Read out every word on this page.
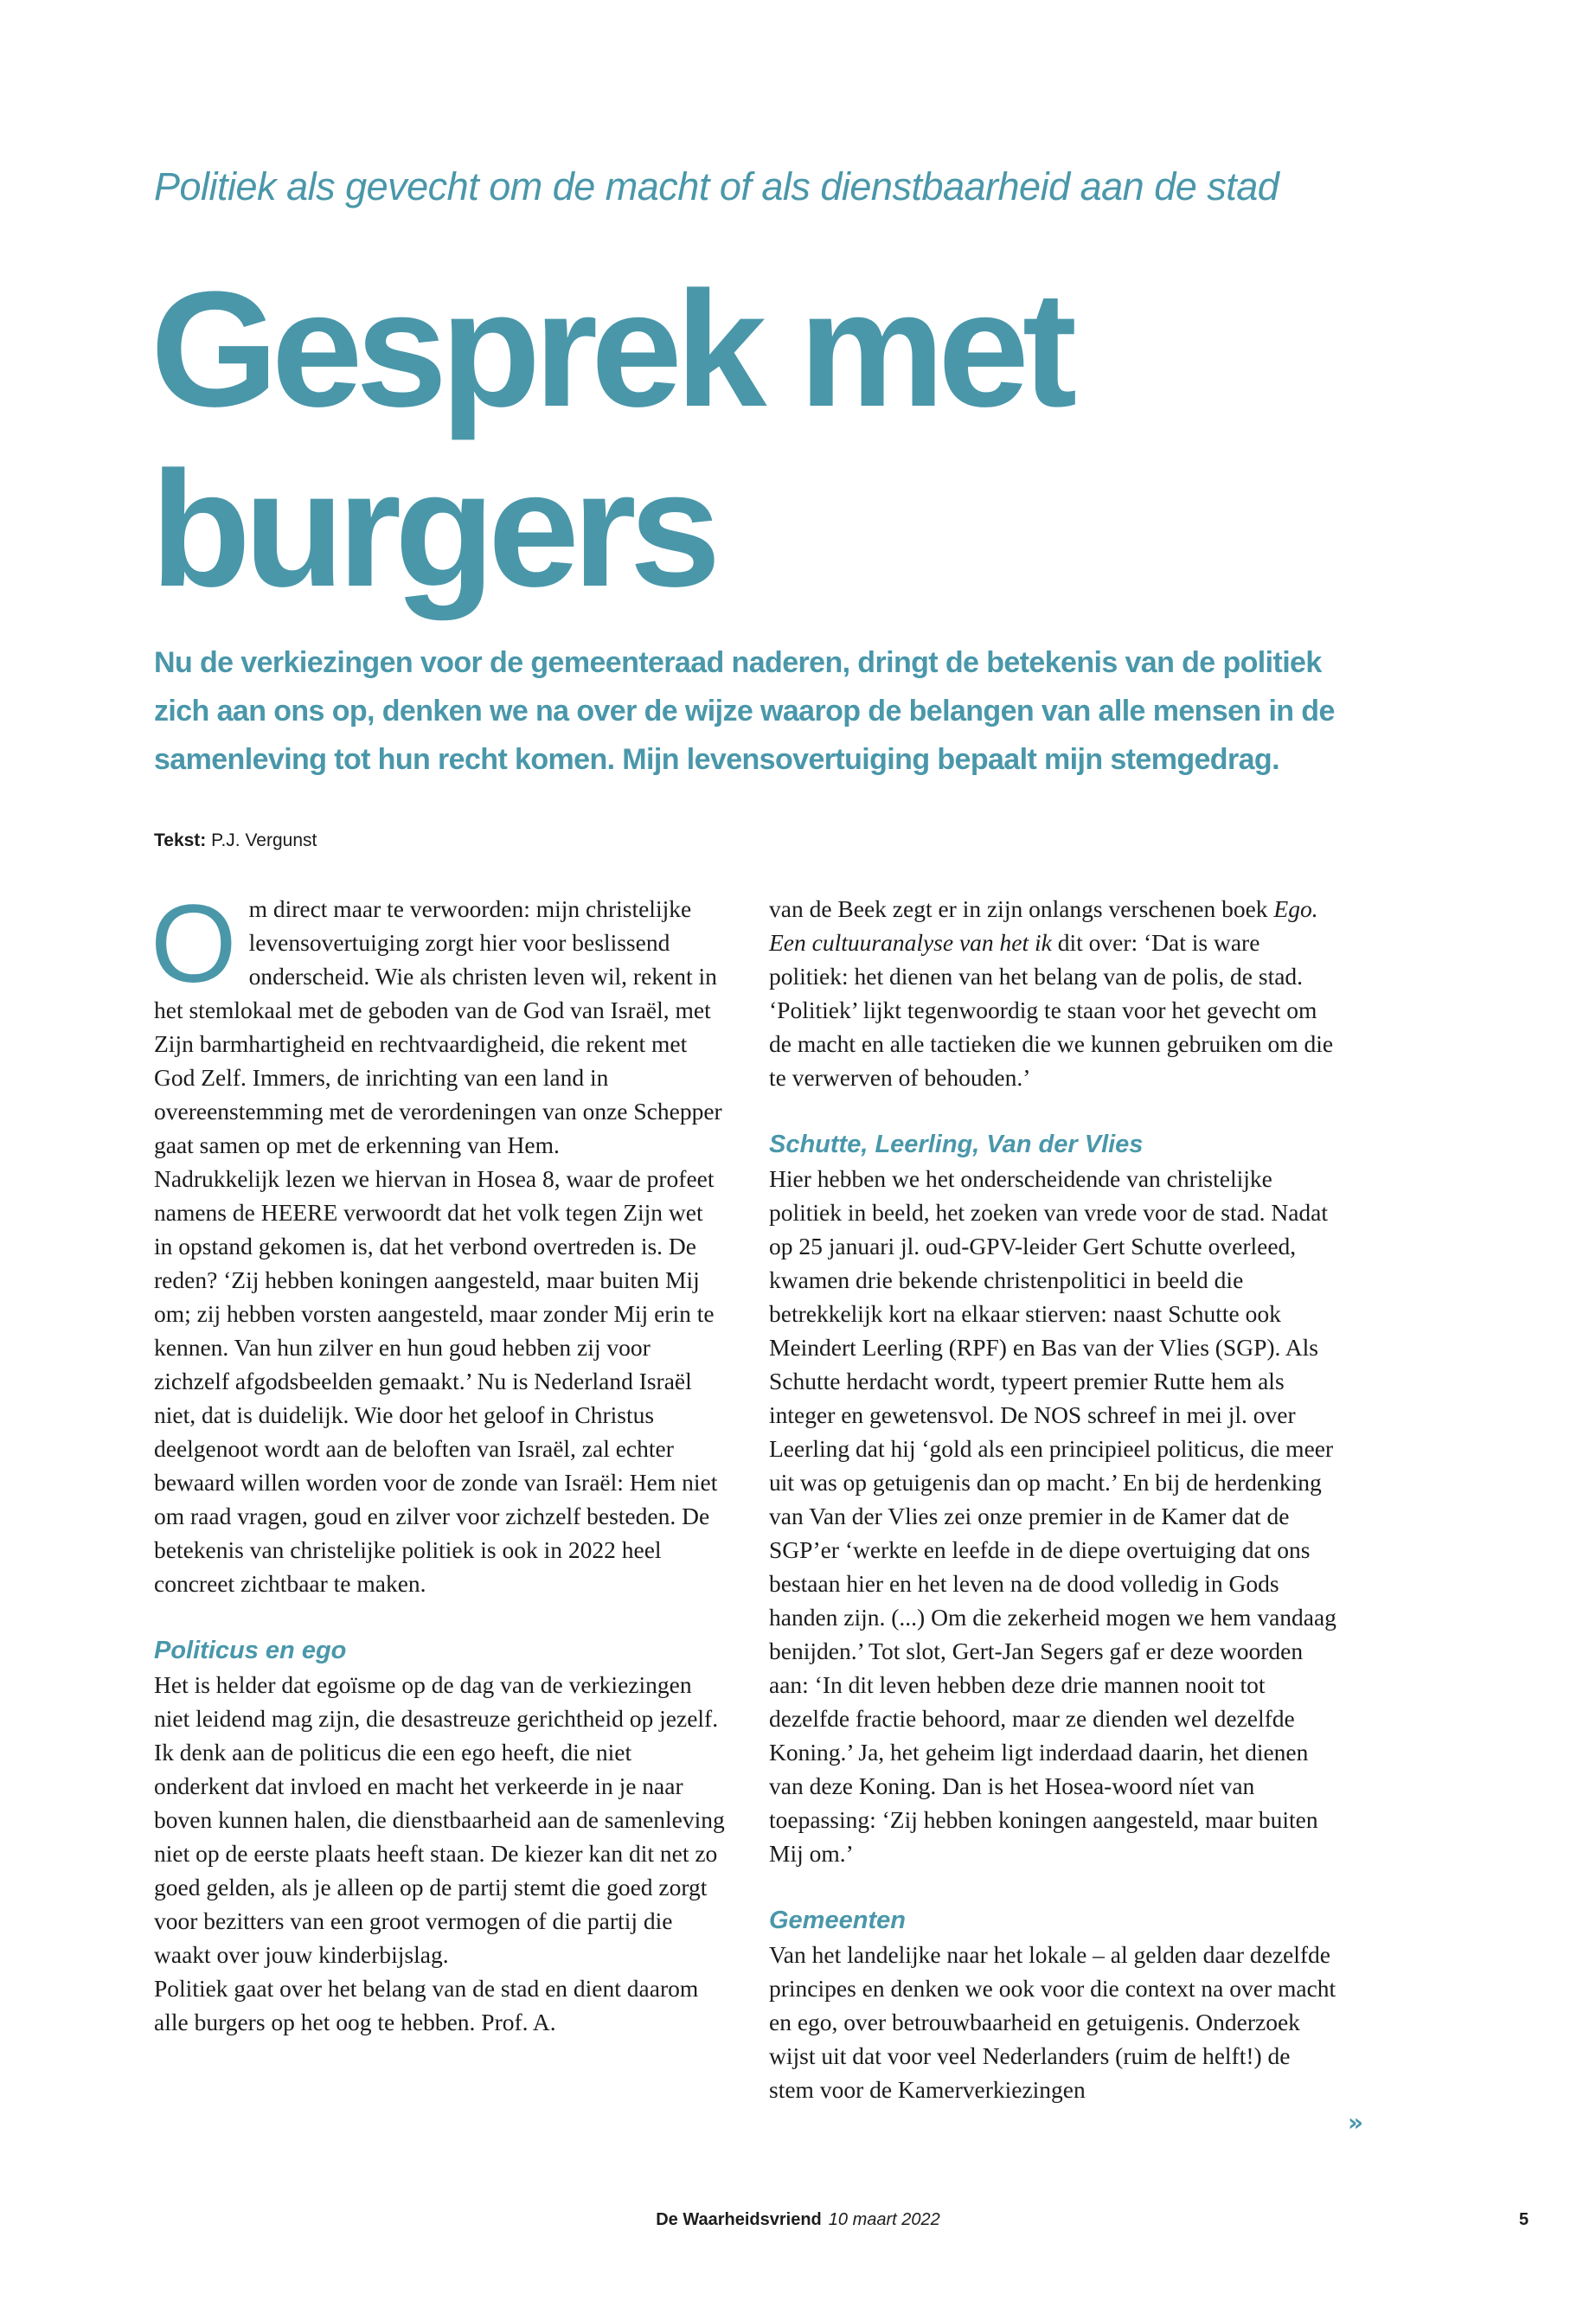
Politiek als gevecht om de macht of als dienstbaarheid aan de stad
Gesprek met
burgers
Nu de verkiezingen voor de gemeenteraad naderen, dringt de betekenis van de politiek zich aan ons op, denken we na over de wijze waarop de belangen van alle mensen in de samenleving tot hun recht komen. Mijn levensovertuiging bepaalt mijn stemgedrag.
Tekst: P.J. Vergunst

Om direct maar te verwoorden: mijn christelijke levensovertuiging zorgt hier voor beslissend onderscheid. Wie als christen leven wil, rekent in het stemlokaal met de geboden van de God van Israël, met Zijn barmhartigheid en rechtvaardigheid, die rekent met God Zelf. Immers, de inrichting van een land in overeenstemming met de verordeningen van onze Schepper gaat samen op met de erkenning van Hem.

Nadrukkelijk lezen we hiervan in Hosea 8, waar de profeet namens de HEERE verwoordt dat het volk tegen Zijn wet in opstand gekomen is, dat het verbond overtreden is. De reden? ‘Zij hebben koningen aangesteld, maar buiten Mij om; zij hebben vorsten aangesteld, maar zonder Mij erin te kennen. Van hun zilver en hun goud hebben zij voor zichzelf afgodsbeelden gemaakt.’ Nu is Nederland Israël niet, dat is duidelijk. Wie door het geloof in Christus deelgenoot wordt aan de beloften van Israël, zal echter bewaard willen worden voor de zonde van Israël: Hem niet om raad vragen, goud en zilver voor zichzelf besteden. De betekenis van christelijke politiek is ook in 2022 heel concreet zichtbaar te maken.

Politicus en ego

Het is helder dat egoïsme op de dag van de verkiezingen niet leidend mag zijn, die desastreuze gerichtheid op jezelf. Ik denk aan de politicus die een ego heeft, die niet onderkent dat invloed en macht het verkeerde in je naar boven kunnen halen, die dienstbaarheid aan de samenleving niet op de eerste plaats heeft staan. De kiezer kan dit net zo goed gelden, als je alleen op de partij stemt die goed zorgt voor bezitters van een groot vermogen of die partij die waakt over jouw kinderbijslag.

Politiek gaat over het belang van de stad en dient daarom alle burgers op het oog te hebben. Prof. A.

van de Beek zegt er in zijn onlangs verschenen boek Ego. Een cultuuranalyse van het ik dit over: ‘Dat is ware politiek: het dienen van het belang van de polis, de stad. ‘Politiek’ lijkt tegenwoordig te staan voor het gevecht om de macht en alle tactieken die we kunnen gebruiken om die te verwerven of behouden.’

Schutte, Leerling, Van der Vlies

Hier hebben we het onderscheidende van christelijke politiek in beeld, het zoeken van vrede voor de stad. Nadat op 25 januari jl. oud-GPV-leider Gert Schutte overleed, kwamen drie bekende christenpolitici in beeld die betrekkelijk kort na elkaar stierven: naast Schutte ook Meindert Leerling (RPF) en Bas van der Vlies (SGP). Als Schutte herdacht wordt, typeert premier Rutte hem als integer en gewetensvol. De NOS schreef in mei jl. over Leerling dat hij ‘gold als een principieel politicus, die meer uit was op getuigenis dan op macht.’ En bij de herdenking van Van der Vlies zei onze premier in de Kamer dat de SGP’er ‘werkte en leefde in de diepe overtuiging dat ons bestaan hier en het leven na de dood volledig in Gods handen zijn. (...) Om die zekerheid mogen we hem vandaag benijden.’ Tot slot, Gert-Jan Segers gaf er deze woorden aan: ‘In dit leven hebben deze drie mannen nooit tot dezelfde fractie behoord, maar ze dienden wel dezelfde Koning.’ Ja, het geheim ligt inderdaad daarin, het dienen van deze Koning. Dan is het Hosea-woord níet van toepassing: ‘Zij hebben koningen aangesteld, maar buiten Mij om.’

Gemeenten

Van het landelijke naar het lokale – al gelden daar dezelfde principes en denken we ook voor die context na over macht en ego, over betrouwbaarheid en getuigenis. Onderzoek wijst uit dat voor veel Nederlanders (ruim de helft!) de stem voor de Kamerverkiezingen

»
De Waarheidsvriend 10 maart 2022	5
